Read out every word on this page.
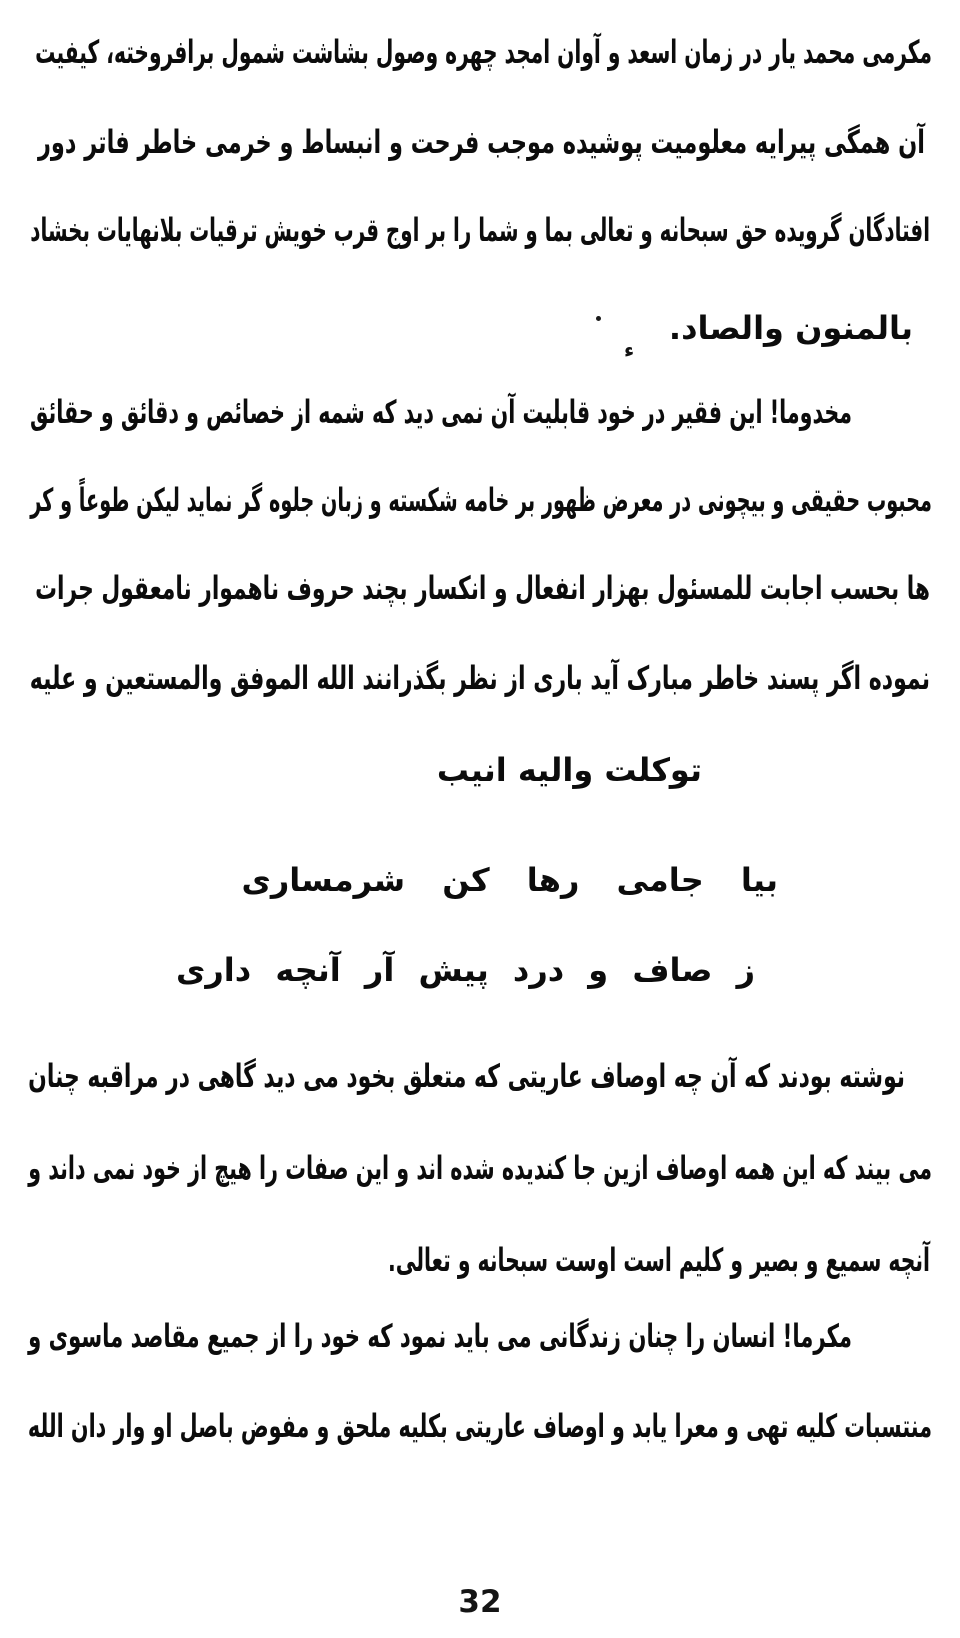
مکرمی محمد یار در زمان اسعد و آوان امجد چهره وصول بشاشت شمول برافروخته، کیفیت
آن همگی پیرایه معلومیت پوشیده موجب فرحت و انبساط و خرمی خاطر فاتر دور
افتادگان گرویده حق سبحانه و تعالی بما و شما را بر اوج قرب خویش ترقیات بلانهایات بخشاد
بالمنون والصاد.
ء
مخدوما! این فقیر در خود قابلیت آن نمی دید که شمه از خصائص و دقائق و حقائق
محبوب حقیقی و بیچونی در معرض ظهور بر خامه شکسته و زبان جلوه گر نماید لیکن طوعاً و کر
ها بحسب اجابت للمسئول بهزار انفعال و انکسار بچند حروف ناهموار نامعقول جرات
نموده اگر پسند خاطر مبارک آید باری از نظر بگذرانند الله الموفق والمستعین و علیه
توکلت والیه انیب
بیا جامی رها کن شرمساری
ز صاف و درد پیش آر آنچه داری
نوشته بودند که آن چه اوصاف عاریتی که متعلق بخود می دید گاهی در مراقبه چنان
می بیند که این همه اوصاف ازین جا کندیده شده اند و این صفات را هیچ از خود نمی داند و
آنچه سمیع و بصیر و کلیم است اوست سبحانه و تعالی.
مکرما! انسان را چنان زندگانی می باید نمود که خود را از جمیع مقاصد ماسوی و
منتسبات کلیه تهی و معرا یابد و اوصاف عاریتی بکلیه ملحق و مفوض باصل او وار دان الله
32
